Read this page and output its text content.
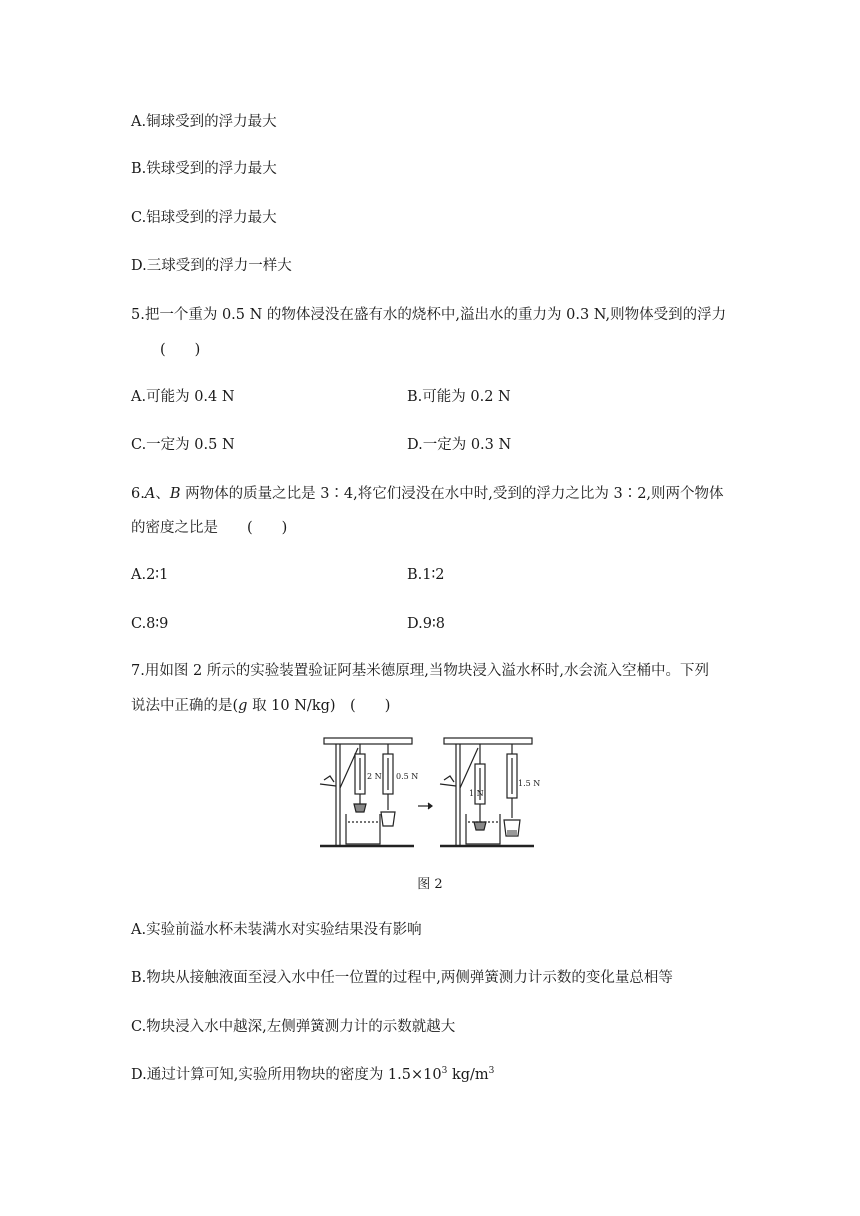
A.铜球受到的浮力最大
B.铁球受到的浮力最大
C.铝球受到的浮力最大
D.三球受到的浮力一样大
5.把一个重为 0.5 N 的物体浸没在盛有水的烧杯中,溢出水的重力为 0.3 N,则物体受到的浮力
(　　)
A.可能为 0.4 N	B.可能为 0.2 N
C.一定为 0.5 N	D.一定为 0.3 N
6.A、B 两物体的质量之比是 3∶4,将它们浸没在水中时,受到的浮力之比为 3∶2,则两个物体
的密度之比是　　(　　)
A.2∶1	B.1∶2
C.8∶9	D.9∶8
7.用如图 2 所示的实验装置验证阿基米德原理,当物块浸入溢水杯时,水会流入空桶中。下列
说法中正确的是(g 取 10 N/kg)　(　　)
2 N 0.5 N
1 N
1.5 N
图 2
A.实验前溢水杯未装满水对实验结果没有影响
B.物块从接触液面至浸入水中任一位置的过程中,两侧弹簧测力计示数的变化量总相等
C.物块浸入水中越深,左侧弹簧测力计的示数就越大
D.通过计算可知,实验所用物块的密度为 $1.5\times 10^3$ $kg/m^3$
